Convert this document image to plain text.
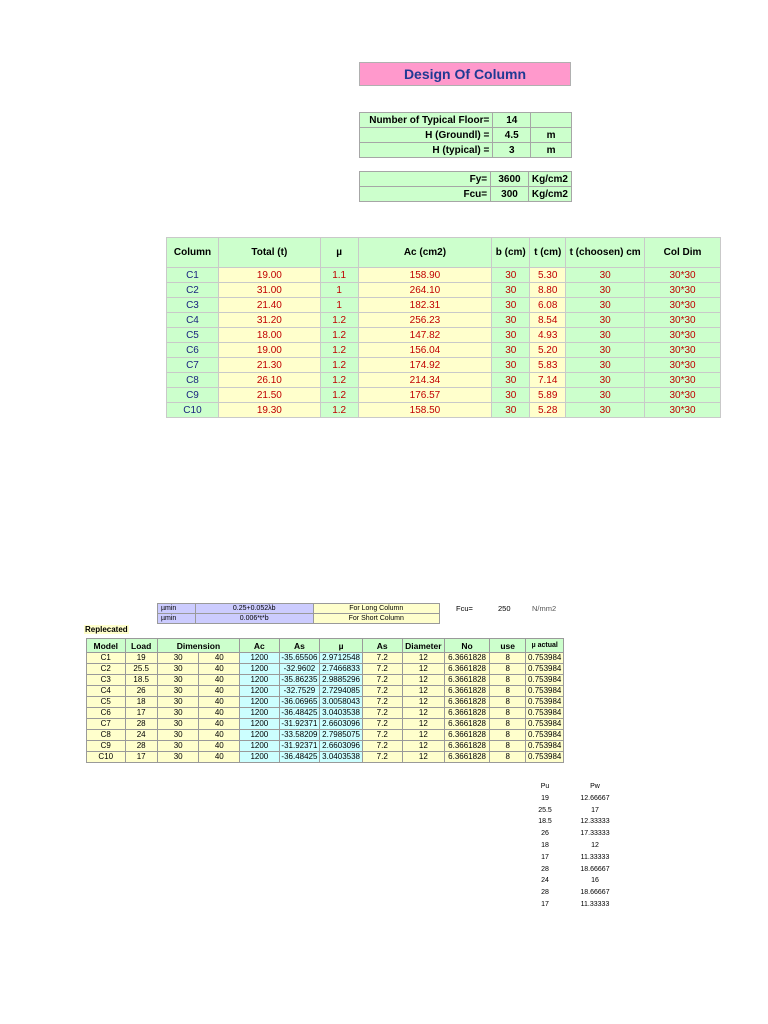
Design Of Column
Number of Typical Floor=	14	
H (Groundl) =	4.5	m
H (typical) =	3	m
Fy=	3600	Kg/cm2
Fcu=	300	Kg/cm2
Column	Total (t)	µ	Ac (cm2)	b (cm)	t (cm)	t (choosen) cm	Col Dim
C1	19.00	1.1	158.90	30	5.30	30	30*30
C2	31.00	1	264.10	30	8.80	30	30*30
C3	21.40	1	182.31	30	6.08	30	30*30
C4	31.20	1.2	256.23	30	8.54	30	30*30
C5	18.00	1.2	147.82	30	4.93	30	30*30
C6	19.00	1.2	156.04	30	5.20	30	30*30
C7	21.30	1.2	174.92	30	5.83	30	30*30
C8	26.10	1.2	214.34	30	7.14	30	30*30
C9	21.50	1.2	176.57	30	5.89	30	30*30
C10	19.30	1.2	158.50	30	5.28	30	30*30
µmin	0.25+0.052λb	For Long Column
µmin	0.006*t*b	For Short Column
Fcu=	250	N/mm2
Replecated
Model	Load	Dimension		Ac	As	µ	As	Diameter	No	use	µ actual
C1	19	30	40	1200	-35.65506	2.9712548	7.2	12	6.3661828	8	0.753984
C2	25.5	30	40	1200	-32.9602	2.7466833	7.2	12	6.3661828	8	0.753984
C3	18.5	30	40	1200	-35.86235	2.9885296	7.2	12	6.3661828	8	0.753984
C4	26	30	40	1200	-32.7529	2.7294085	7.2	12	6.3661828	8	0.753984
C5	18	30	40	1200	-36.06965	3.0058043	7.2	12	6.3661828	8	0.753984
C6	17	30	40	1200	-36.48425	3.0403538	7.2	12	6.3661828	8	0.753984
C7	28	30	40	1200	-31.92371	2.6603096	7.2	12	6.3661828	8	0.753984
C8	24	30	40	1200	-33.58209	2.7985075	7.2	12	6.3661828	8	0.753984
C9	28	30	40	1200	-31.92371	2.6603096	7.2	12	6.3661828	8	0.753984
C10	17	30	40	1200	-36.48425	3.0403538	7.2	12	6.3661828	8	0.753984
Pu	Pw
19	12.66667
25.5	17
18.5	12.33333
26	17.33333
18	12
17	11.33333
28	18.66667
24	16
28	18.66667
17	11.33333
